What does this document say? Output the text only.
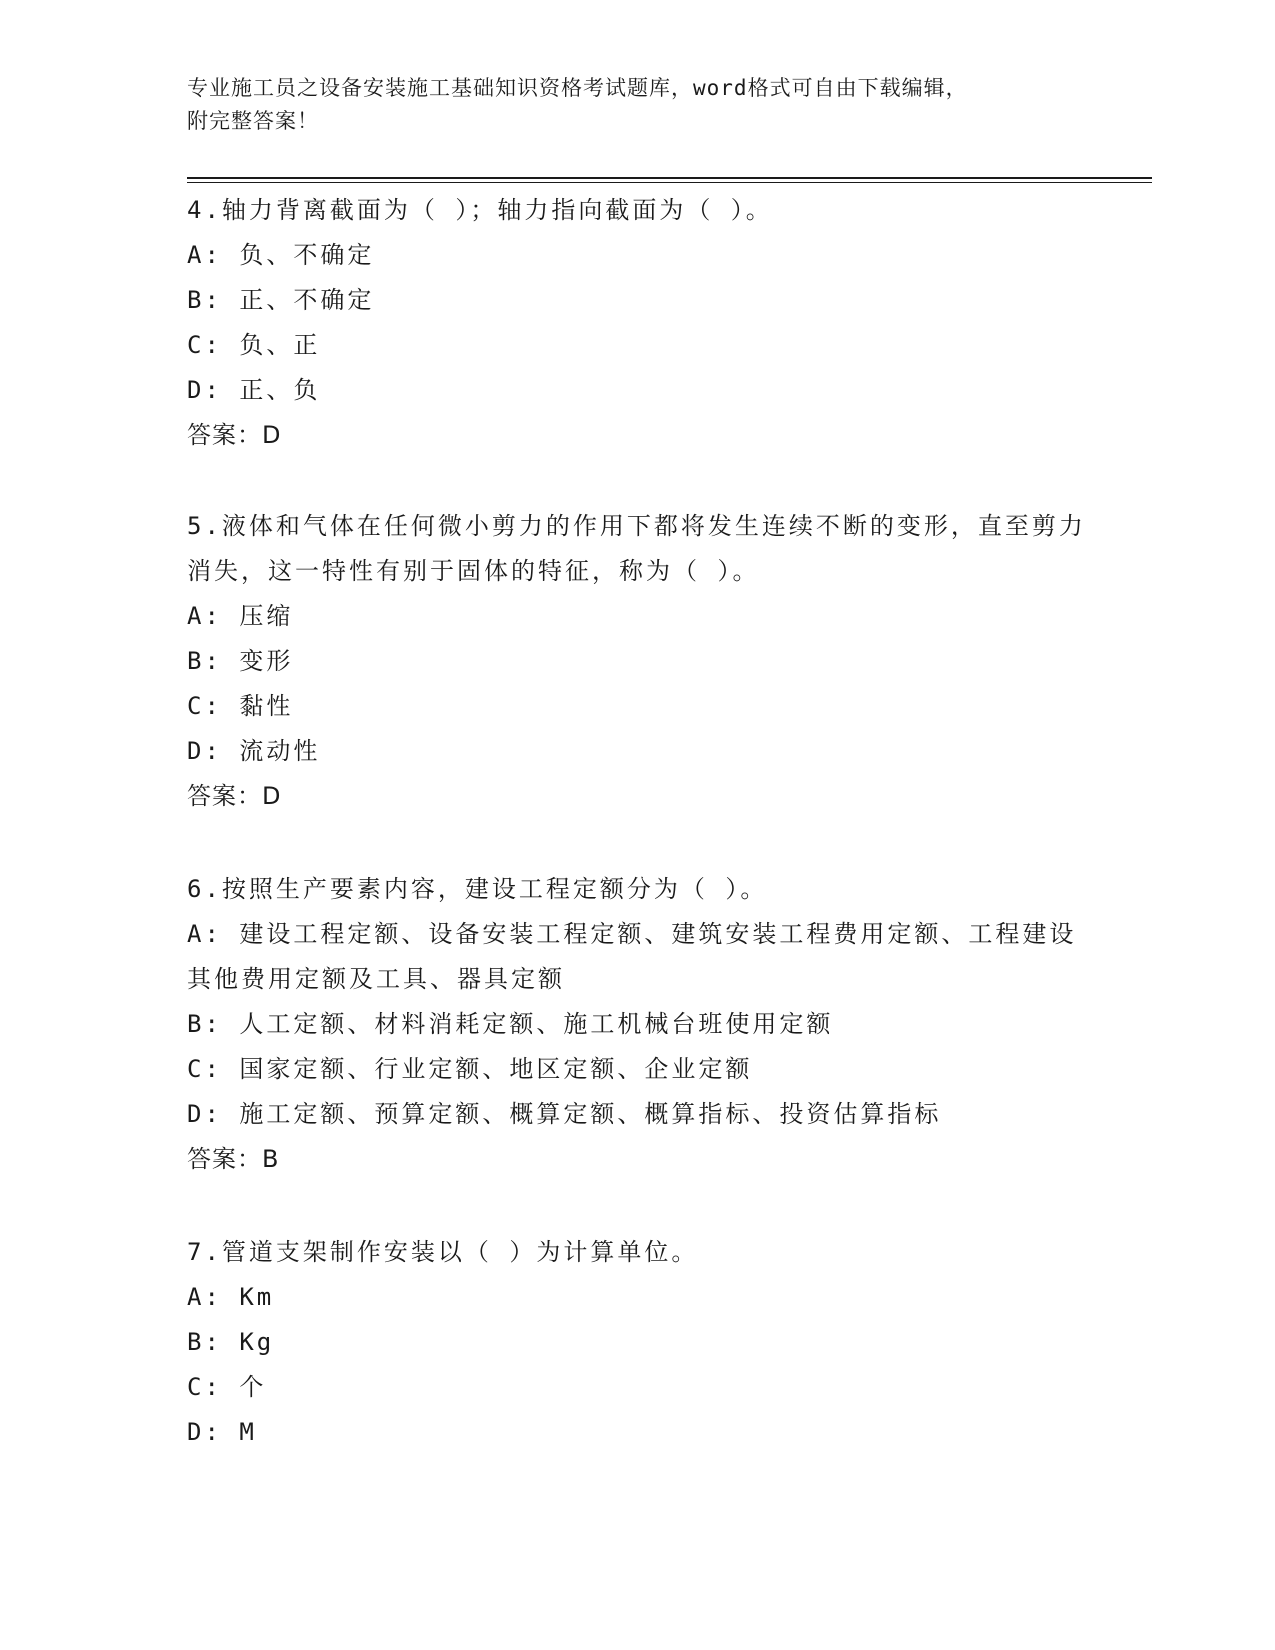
专业施工员之设备安装施工基础知识资格考试题库，word格式可自由下载编辑，
附完整答案！
4.轴力背离截面为（ ）；轴力指向截面为（ ）。
A: 负、不确定
B: 正、不确定
C: 负、正
D: 正、负
答案：D
5.液体和气体在任何微小剪力的作用下都将发生连续不断的变形，直至剪力消失，这一特性有别于固体的特征，称为（ ）。
A: 压缩
B: 变形
C: 黏性
D: 流动性
答案：D
6.按照生产要素内容，建设工程定额分为（ ）。
A: 建设工程定额、设备安装工程定额、建筑安装工程费用定额、工程建设其他费用定额及工具、器具定额
B: 人工定额、材料消耗定额、施工机械台班使用定额
C: 国家定额、行业定额、地区定额、企业定额
D: 施工定额、预算定额、概算定额、概算指标、投资估算指标
答案：B
7.管道支架制作安装以（ ）为计算单位。
A: Km
B: Kg
C: 个
D: M
